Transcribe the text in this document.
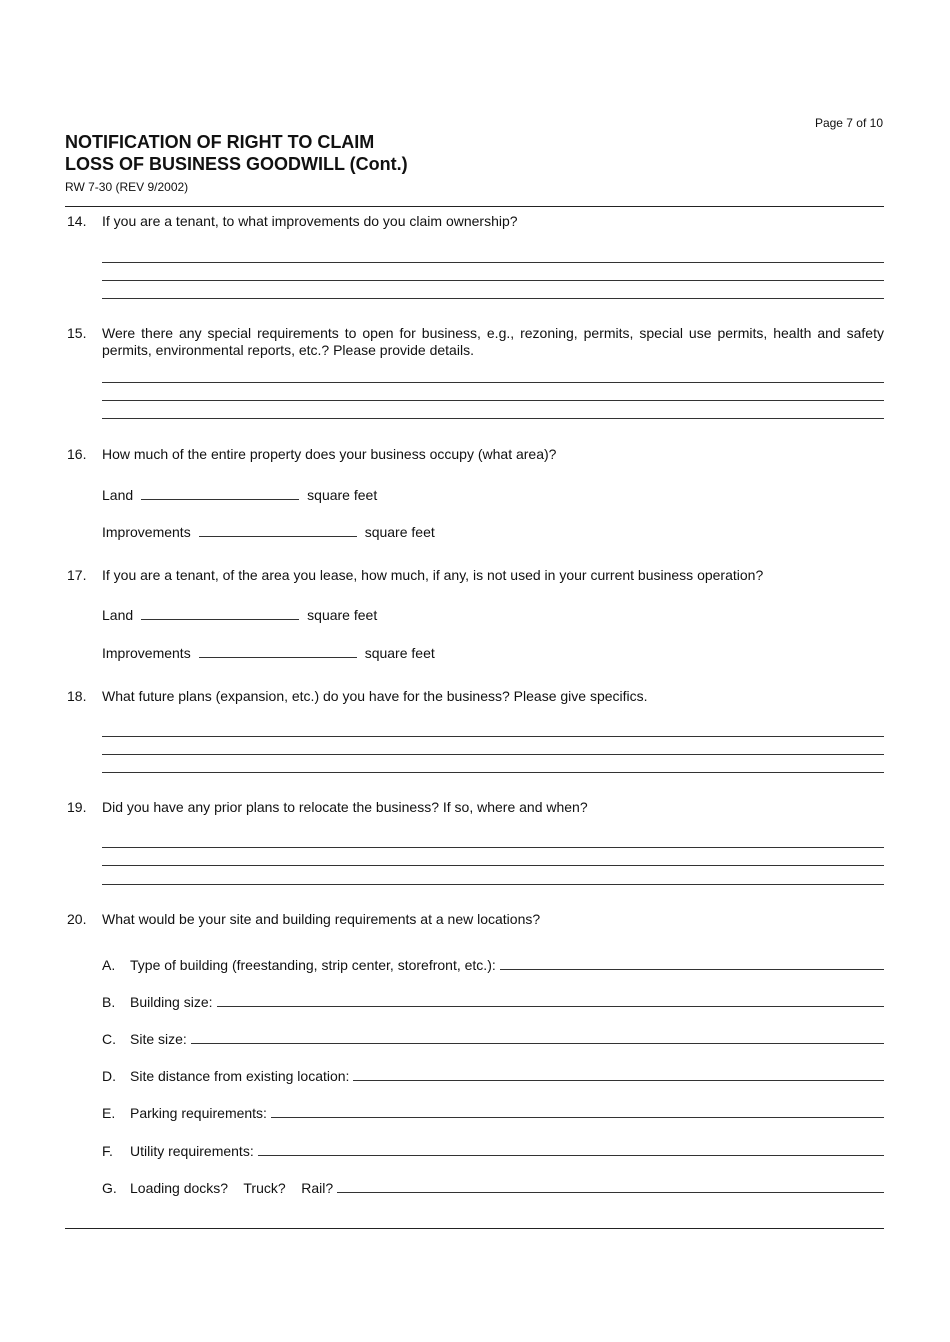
Page 7 of 10
NOTIFICATION OF RIGHT TO CLAIM
LOSS OF BUSINESS GOODWILL (Cont.)
RW 7-30 (REV 9/2002)
14. If you are a tenant, to what improvements do you claim ownership?
15. Were there any special requirements to open for business, e.g., rezoning, permits, special use permits, health and safety permits, environmental reports, etc.? Please provide details.
16. How much of the entire property does your business occupy (what area)?
Land	square feet
Improvements	square feet
17. If you are a tenant, of the area you lease, how much, if any, is not used in your current business operation?
Land	square feet
Improvements	square feet
18. What future plans (expansion, etc.) do you have for the business? Please give specifics.
19. Did you have any prior plans to relocate the business? If so, where and when?
20. What would be your site and building requirements at a new locations?
A.	Type of building (freestanding, strip center, storefront, etc.):
B.	Building size:
C.	Site size:
D.	Site distance from existing location:
E.	Parking requirements:
F.	Utility requirements:
G. Loading docks?    Truck?    Rail?
